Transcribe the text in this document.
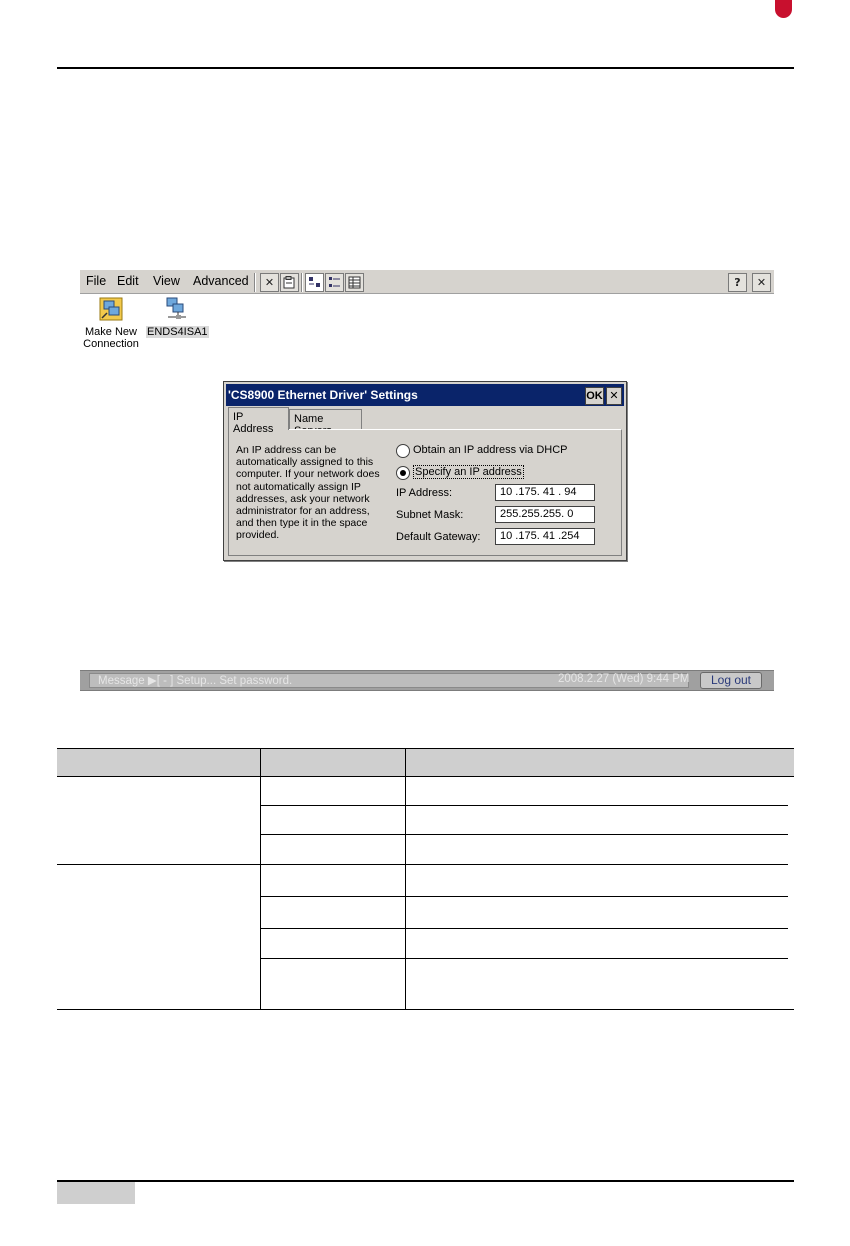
File Edit View Advanced	✕	?	✕
Make New
Connection
ENDS4ISA1
'CS8900 Ethernet Driver' Settings	OK ✕
IP Address
Name
An IP address can be automatically assigned to this computer. If your network does not automatically assign IP addresses, ask your network administrator for an address, and then type it in the space provided.
Obtain an IP address via DHCP
Specify an IP address
IP Address:	10 .175. 41 . 94
Subnet Mask:	255.255.255. 0
Default Gateway:	10 .175. 41 .254
Message ▶[ - ] Setup... Set password.	2008.2.27 (Wed) 9:44 PM	Log out
